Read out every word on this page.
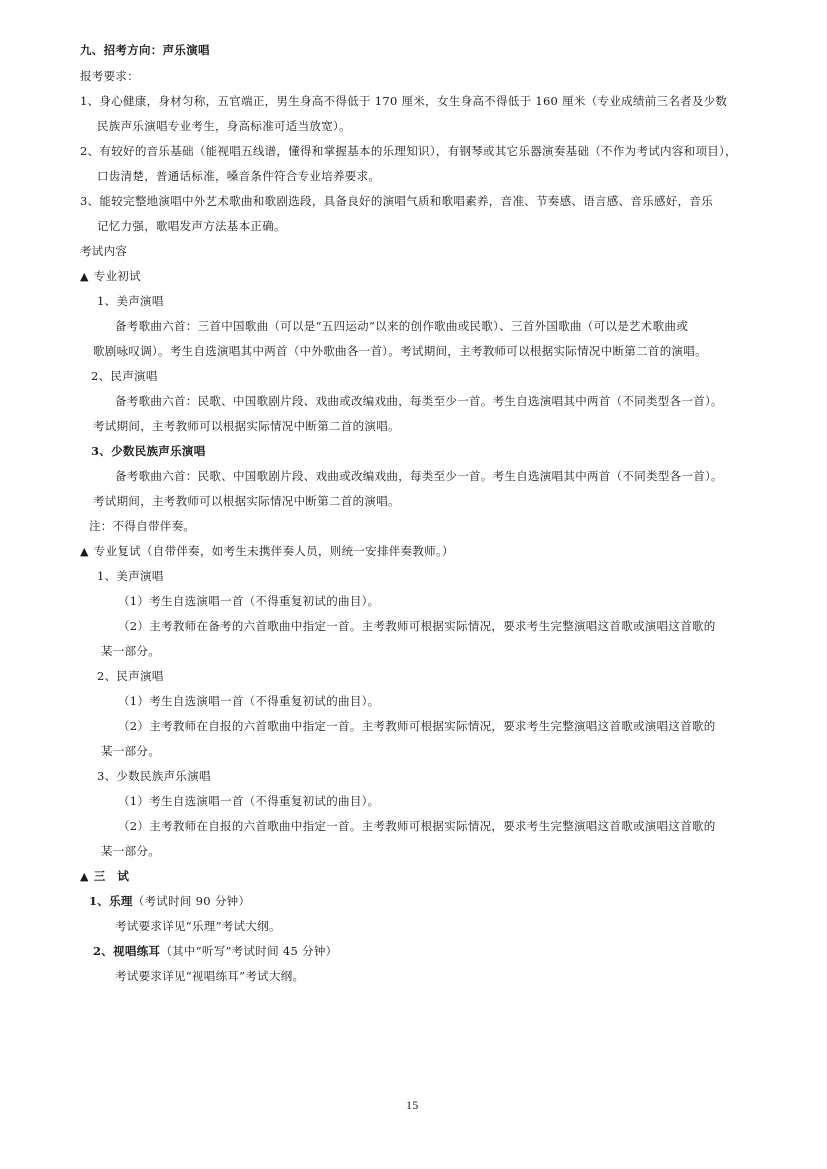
九、招考方向：声乐演唱
报考要求：
1、身心健康，身材匀称，五官端正，男生身高不得低于 170 厘米，女生身高不得低于 160 厘米（专业成绩前三名者及少数
民族声乐演唱专业考生，身高标准可适当放宽）。
2、有较好的音乐基础（能视唱五线谱，懂得和掌握基本的乐理知识），有钢琴或其它乐器演奏基础（不作为考试内容和项目），
口齿清楚，普通话标准，嗓音条件符合专业培养要求。
3、能较完整地演唱中外艺术歌曲和歌剧选段，具备良好的演唱气质和歌唱素养，音准、节奏感、语言感、音乐感好，音乐
记忆力强，歌唱发声方法基本正确。
考试内容
▲ 专业初试
1、美声演唱
备考歌曲六首：三首中国歌曲（可以是“五四运动”以来的创作歌曲或民歌）、三首外国歌曲（可以是艺术歌曲或
歌剧咏叹调）。考生自选演唱其中两首（中外歌曲各一首）。考试期间，主考教师可以根据实际情况中断第二首的演唱。
2、民声演唱
备考歌曲六首：民歌、中国歌剧片段、戏曲或改编戏曲，每类至少一首。考生自选演唱其中两首（不同类型各一首）。
考试期间，主考教师可以根据实际情况中断第二首的演唱。
3、少数民族声乐演唱
备考歌曲六首：民歌、中国歌剧片段、戏曲或改编戏曲，每类至少一首。考生自选演唱其中两首（不同类型各一首）。
考试期间，主考教师可以根据实际情况中断第二首的演唱。
注：不得自带伴奏。
▲ 专业复试（自带伴奏，如考生未携伴奏人员，则统一安排伴奏教师。）
1、美声演唱
（1）考生自选演唱一首（不得重复初试的曲目）。
（2）主考教师在备考的六首歌曲中指定一首。主考教师可根据实际情况，要求考生完整演唱这首歌或演唱这首歌的
某一部分。
2、民声演唱
（1）考生自选演唱一首（不得重复初试的曲目）。
（2）主考教师在自报的六首歌曲中指定一首。主考教师可根据实际情况，要求考生完整演唱这首歌或演唱这首歌的
某一部分。
3、少数民族声乐演唱
（1）考生自选演唱一首（不得重复初试的曲目）。
（2）主考教师在自报的六首歌曲中指定一首。主考教师可根据实际情况，要求考生完整演唱这首歌或演唱这首歌的
某一部分。
▲ 三　试
1、乐理（考试时间 90 分钟）
考试要求详见“乐理”考试大纲。
2、视唱练耳（其中“听写”考试时间 45 分钟）
考试要求详见“视唱练耳”考试大纲。
15
